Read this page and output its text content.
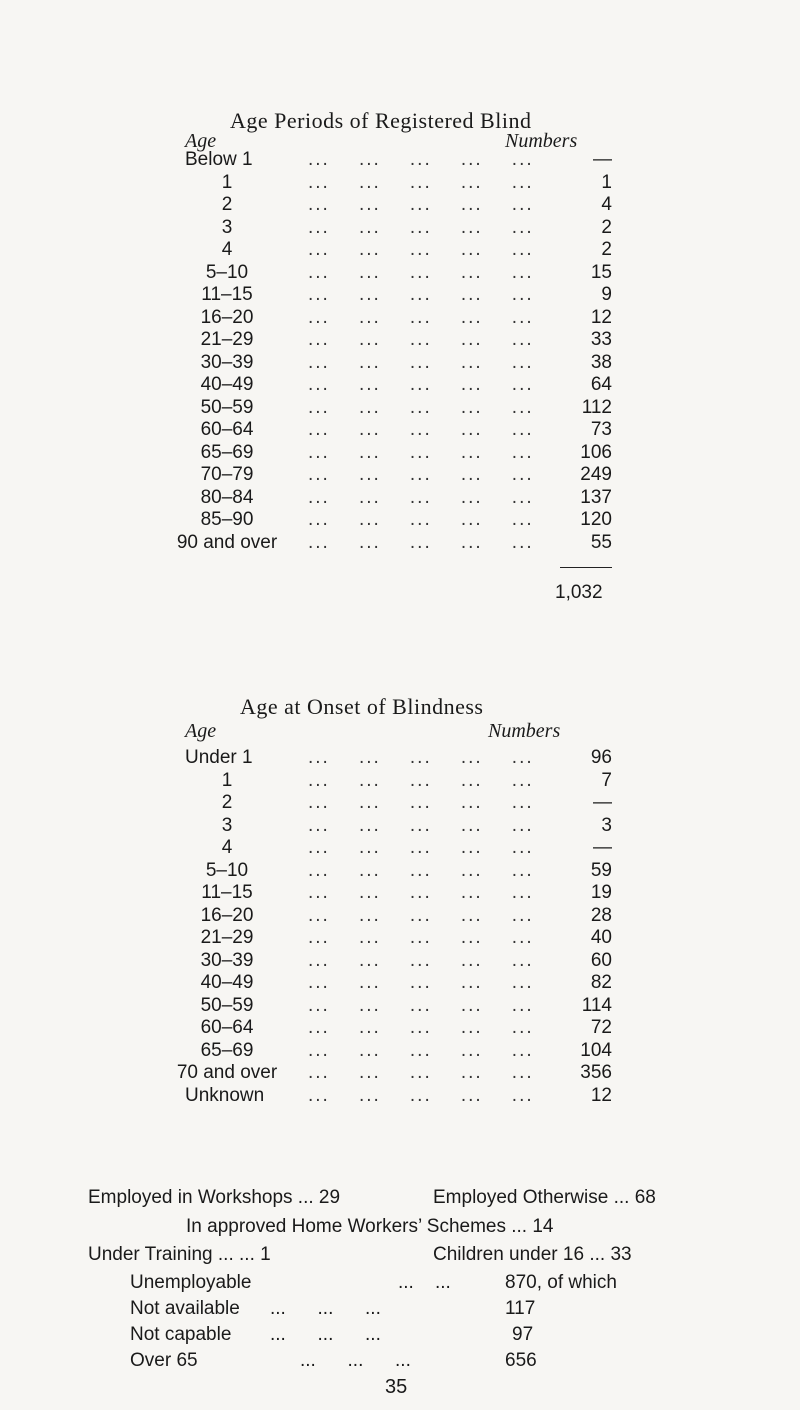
Age Periods of Registered Blind
Age	Numbers
Below 1	...    ...    ...    ...    ...	—
1	...    ...    ...    ...    ...	1
2	...    ...    ...    ...    ...	4
3	...    ...    ...    ...    ...	2
4	...    ...    ...    ...    ...	2
5–10	...    ...    ...    ...    ...	15
11–15	...    ...    ...    ...    ...	9
16–20	...    ...    ...    ...    ...	12
21–29	...    ...    ...    ...    ...	33
30–39	...    ...    ...    ...    ...	38
40–49	...    ...    ...    ...    ...	64
50–59	...    ...    ...    ...    ...	112
60–64	...    ...    ...    ...    ...	73
65–69	...    ...    ...    ...    ... 106
70–79	...    ...    ...    ...    ... 249
80–84	...    ...    ...    ...    ... 137
85–90	...    ...    ...    ...    ... 120
90 and over ...    ...    ...    ...    ...	55
1,032
Age at Onset of Blindness
Age	Numbers
Under 1	...    ...    ...    ...    ...	96
1	...    ...    ...    ...    ...	7
2	...    ...    ...    ...    ...	—
3	...    ...    ...    ...    ...	3
4	...    ...    ...    ...    ...	—
5–10	...    ...    ...    ...    ...	59
11–15	...    ...    ...    ...    ...	19
16–20	...    ...    ...    ...    ...	28
21–29	...    ...    ...    ...    ...	40
30–39	...    ...    ...    ...    ...	60
40–49	...    ...    ...    ...    ...	82
50–59	...    ...    ...    ...    ...	114
60–64	...    ...    ...    ...    ...	72
65–69	...    ...    ...    ...    ... 104
70 and over ...    ...    ...    ...    ... 356
Unknown ...    ...    ...    ...    ...	12
Employed in Workshops ... 29	Employed Otherwise ... 68
In approved Home Workers’ Schemes ... 14
Under Training ... ... 1	Children under 16 ... 33
Unemployable	...    ...	870, of which
Not available ...      ...      ...	117
Not capable ...      ...      ...	97
Over 65	...      ...      ...	656
35
